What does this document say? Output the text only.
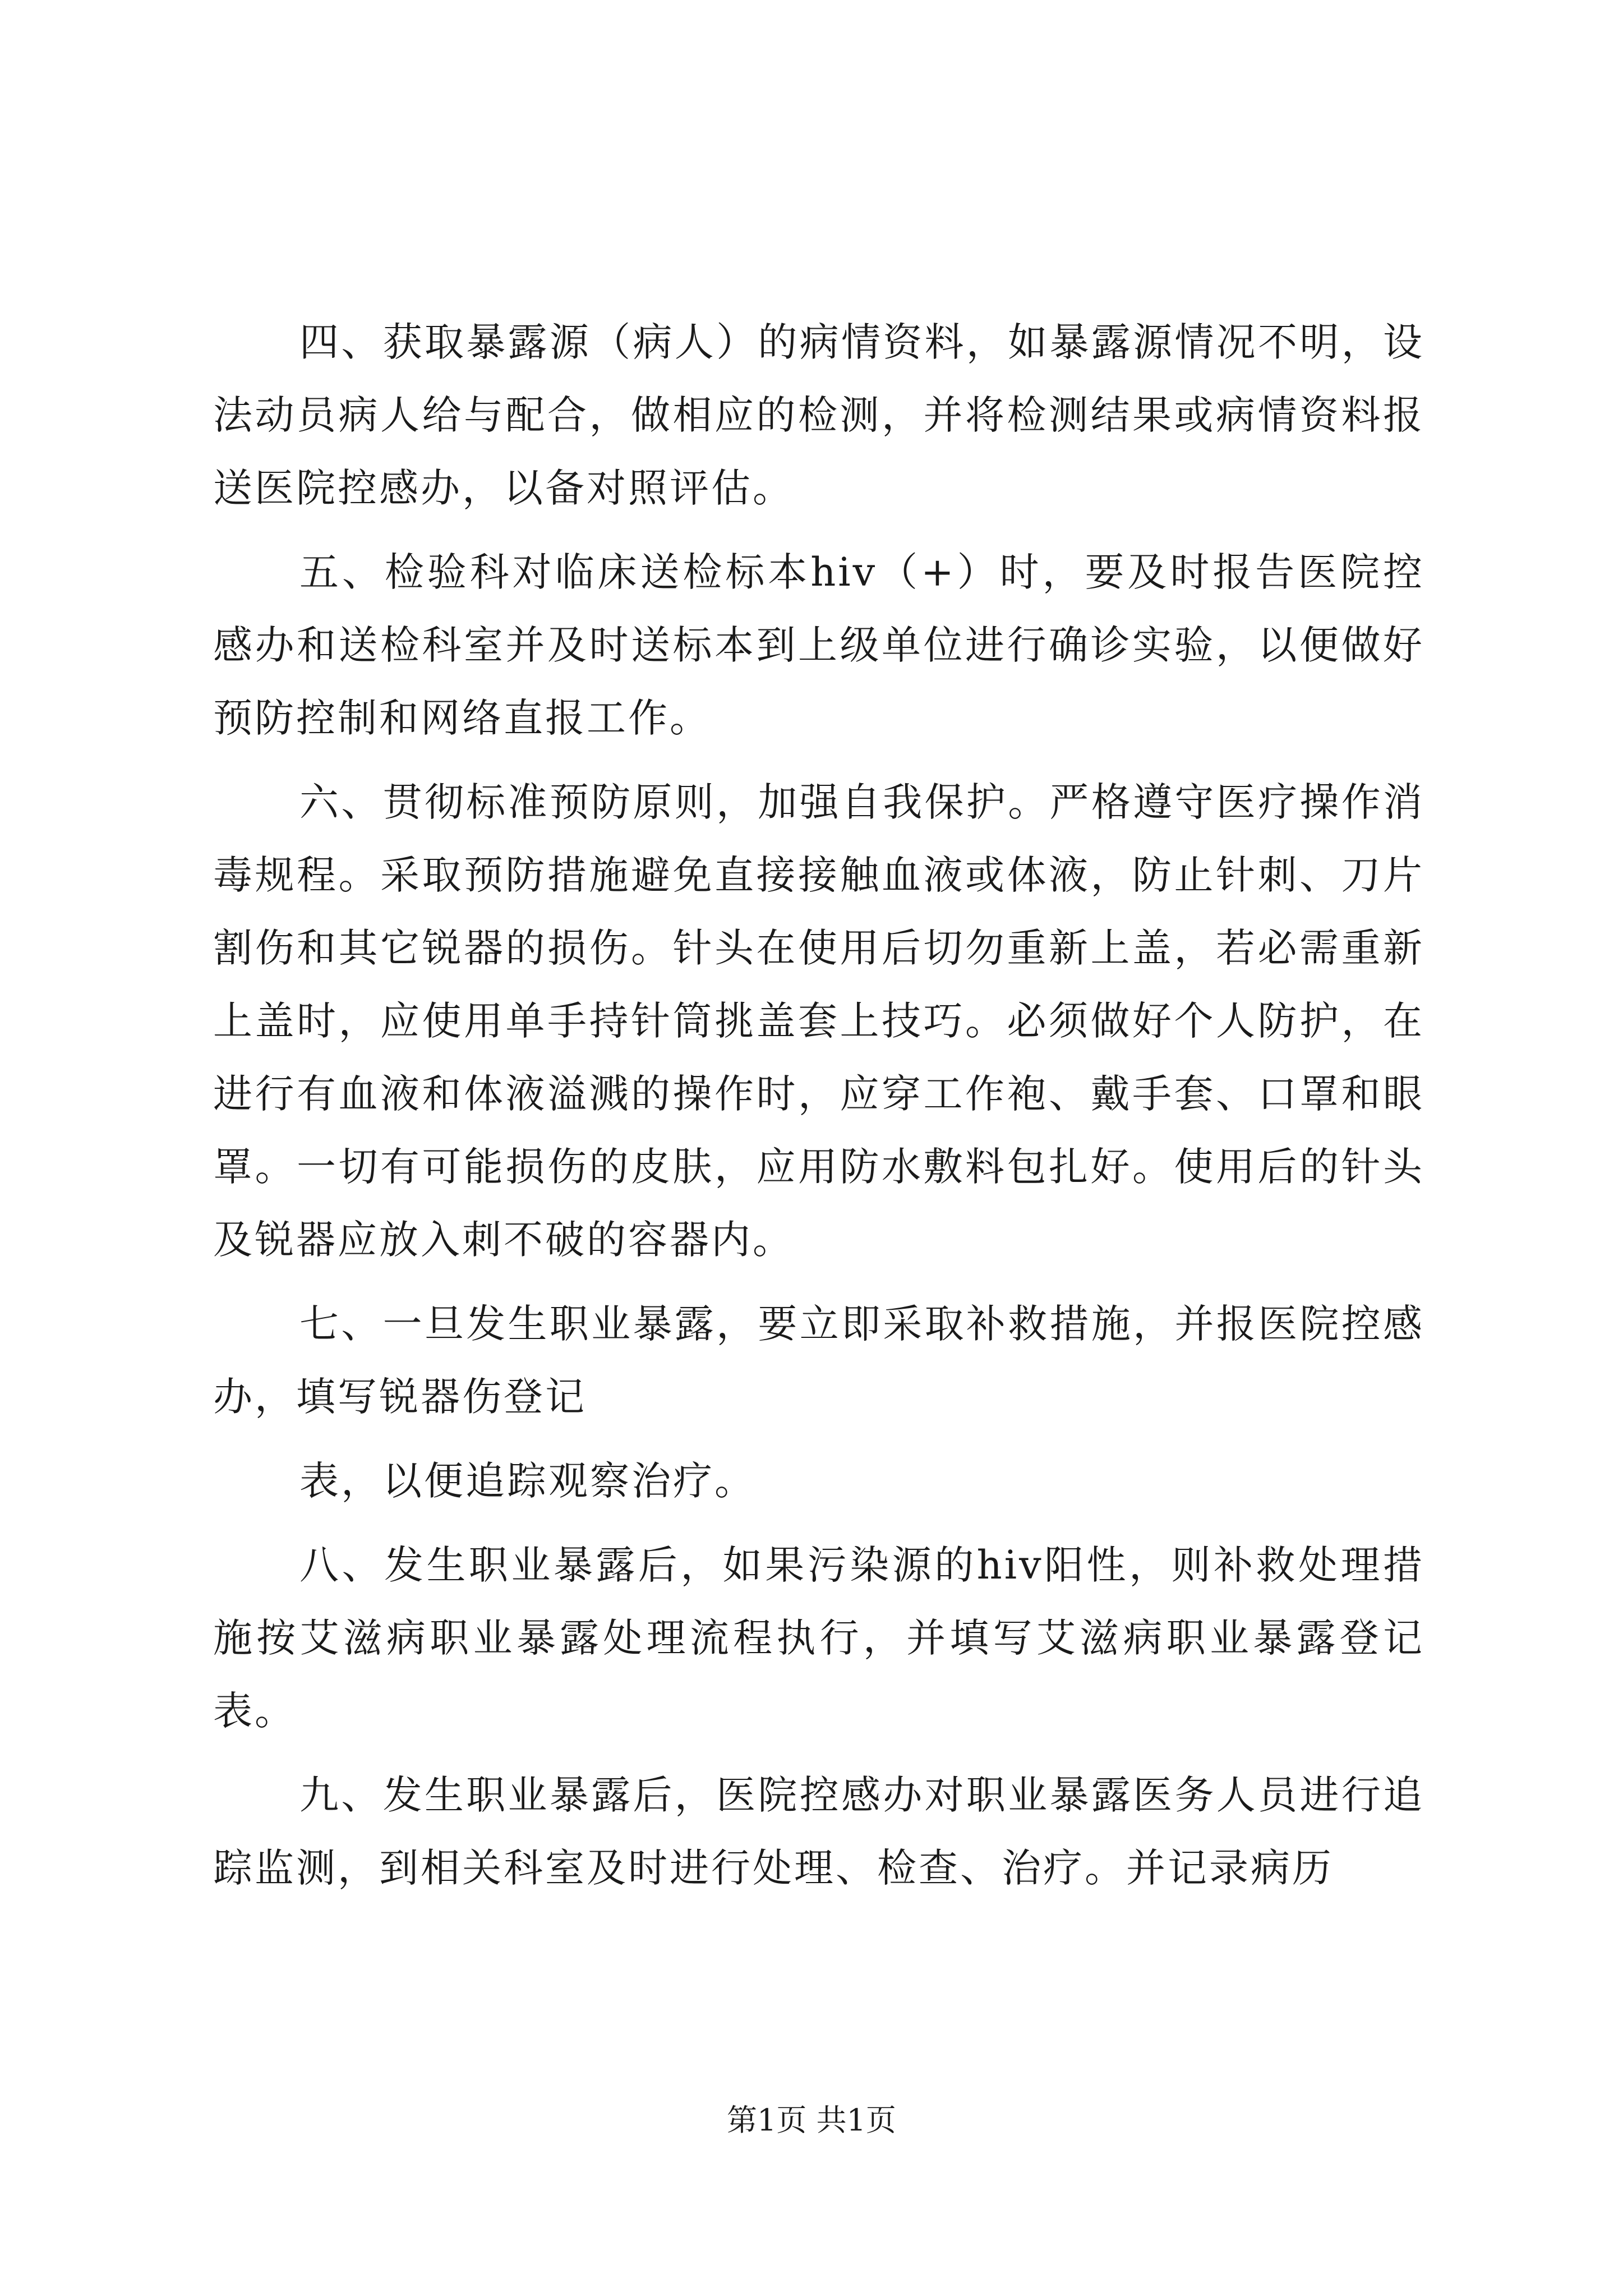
四、获取暴露源（病人）的病情资料，如暴露源情况不明，设法动员病人给与配合，做相应的检测，并将检测结果或病情资料报送医院控感办，以备对照评估。

五、检验科对临床送检标本hiv（+）时，要及时报告医院控感办和送检科室并及时送标本到上级单位进行确诊实验，以便做好预防控制和网络直报工作。

六、贯彻标准预防原则，加强自我保护。严格遵守医疗操作消毒规程。采取预防措施避免直接接触血液或体液，防止针刺、刀片割伤和其它锐器的损伤。针头在使用后切勿重新上盖，若必需重新上盖时，应使用单手持针筒挑盖套上技巧。必须做好个人防护，在进行有血液和体液溢溅的操作时，应穿工作袍、戴手套、口罩和眼罩。一切有可能损伤的皮肤，应用防水敷料包扎好。使用后的针头及锐器应放入刺不破的容器内。

七、一旦发生职业暴露，要立即采取补救措施，并报医院控感办，填写锐器伤登记

表，以便追踪观察治疗。

八、发生职业暴露后，如果污染源的hiv阳性，则补救处理措施按艾滋病职业暴露处理流程执行，并填写艾滋病职业暴露登记表。

九、发生职业暴露后，医院控感办对职业暴露医务人员进行追踪监测，到相关科室及时进行处理、检查、治疗。并记录病历

第1页 共1页
